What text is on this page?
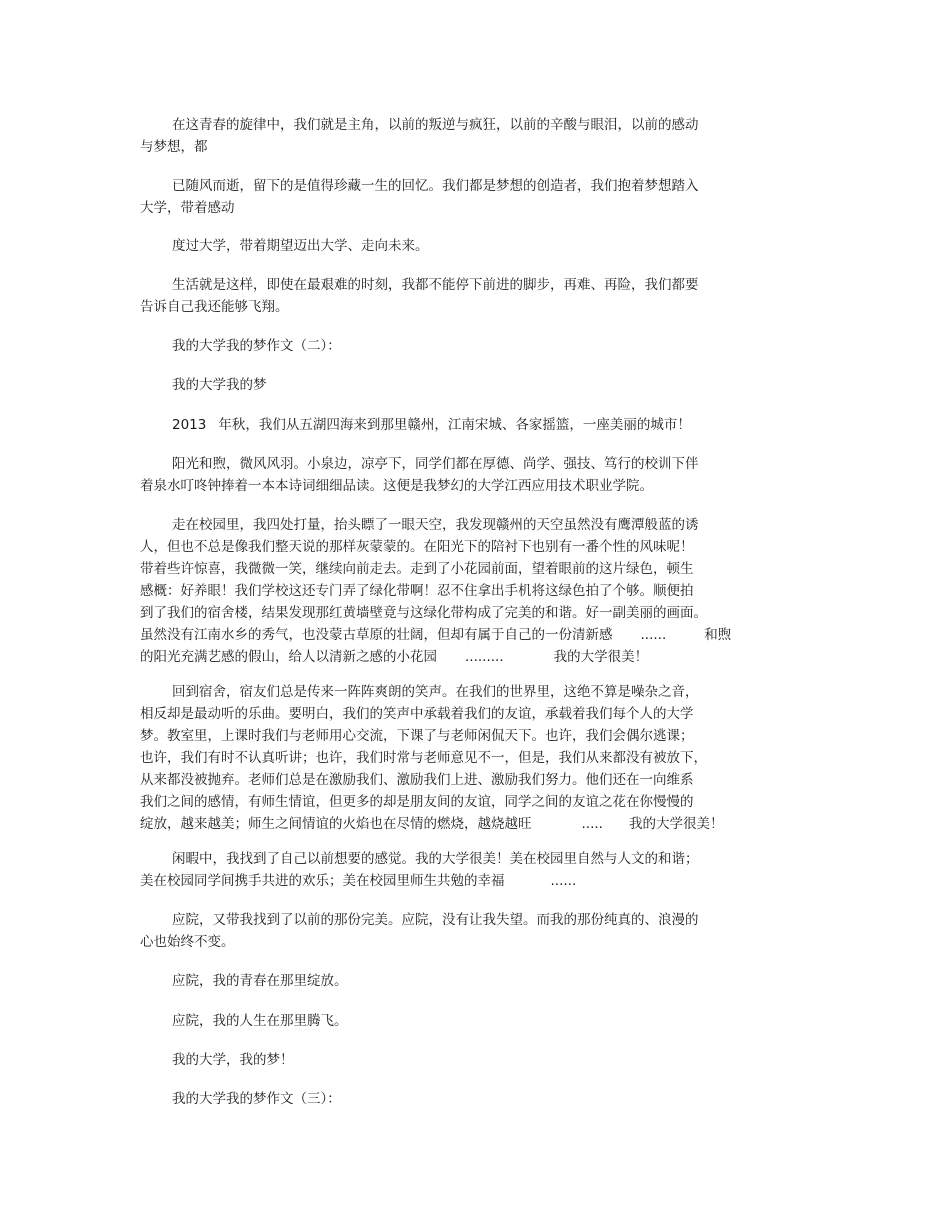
在这青春的旋律中，我们就是主角，以前的叛逆与疯狂，以前的辛酸与眼泪，以前的感动
与梦想，都
已随风而逝，留下的是值得珍藏一生的回忆。我们都是梦想的创造者，我们抱着梦想踏入
大学，带着感动
度过大学，带着期望迈出大学、走向未来。
生活就是这样，即使在最艰难的时刻，我都不能停下前进的脚步，再难、再险，我们都要
告诉自己我还能够飞翔。
我的大学我的梦作文（二）：
我的大学我的梦
2013 年秋，我们从五湖四海来到那里赣州，江南宋城、各家摇篮，一座美丽的城市！
阳光和煦，微风风羽。小泉边，凉亭下，同学们都在厚德、尚学、强技、笃行的校训下伴
着泉水叮咚钟捧着一本本诗词细细品读。这便是我梦幻的大学江西应用技术职业学院。
走在校园里，我四处打量，抬头瞟了一眼天空，我发现赣州的天空虽然没有鹰潭般蓝的诱
人，但也不总是像我们整天说的那样灰蒙蒙的。在阳光下的陪衬下也别有一番个性的风味呢！
带着些许惊喜，我微微一笑，继续向前走去。走到了小花园前面，望着眼前的这片绿色，顿生
感概：好养眼！我们学校这还专门弄了绿化带啊！忍不住拿出手机将这绿色拍了个够。顺便拍
到了我们的宿舍楼，结果发现那红黄墙壁竟与这绿化带构成了完美的和谐。好一副美丽的画面。
虽然没有江南水乡的秀气，也没蒙古草原的壮阔，但却有属于自己的一份清新感 ......	和煦
的阳光充满艺感的假山，给人以清新之感的小花园 .........	我的大学很美！
回到宿舍，宿友们总是传来一阵阵爽朗的笑声。在我们的世界里，这绝不算是噪杂之音，
相反却是最动听的乐曲。要明白，我们的笑声中承载着我们的友谊，承载着我们每个人的大学
梦。教室里，上课时我们与老师用心交流，下课了与老师闲侃天下。也许，我们会偶尔逃课；
也许，我们有时不认真听讲；也许，我们时常与老师意见不一，但是，我们从来都没有被放下，
从来都没被抛弃。老师们总是在激励我们、激励我们上进、激励我们努力。他们还在一向维系
我们之间的感情，有师生情谊，但更多的却是朋友间的友谊，同学之间的友谊之花在你慢慢的
绽放，越来越美；师生之间情谊的火焰也在尽情的燃烧，越烧越旺	..... 我的大学很美！
闲暇中，我找到了自己以前想要的感觉。我的大学很美！美在校园里自然与人文的和谐；
美在校园同学间携手共进的欢乐；美在校园里师生共勉的幸福	......
应院，又带我找到了以前的那份完美。应院，没有让我失望。而我的那份纯真的、浪漫的
心也始终不变。
应院，我的青春在那里绽放。
应院，我的人生在那里腾飞。
我的大学，我的梦！
我的大学我的梦作文（三）：
